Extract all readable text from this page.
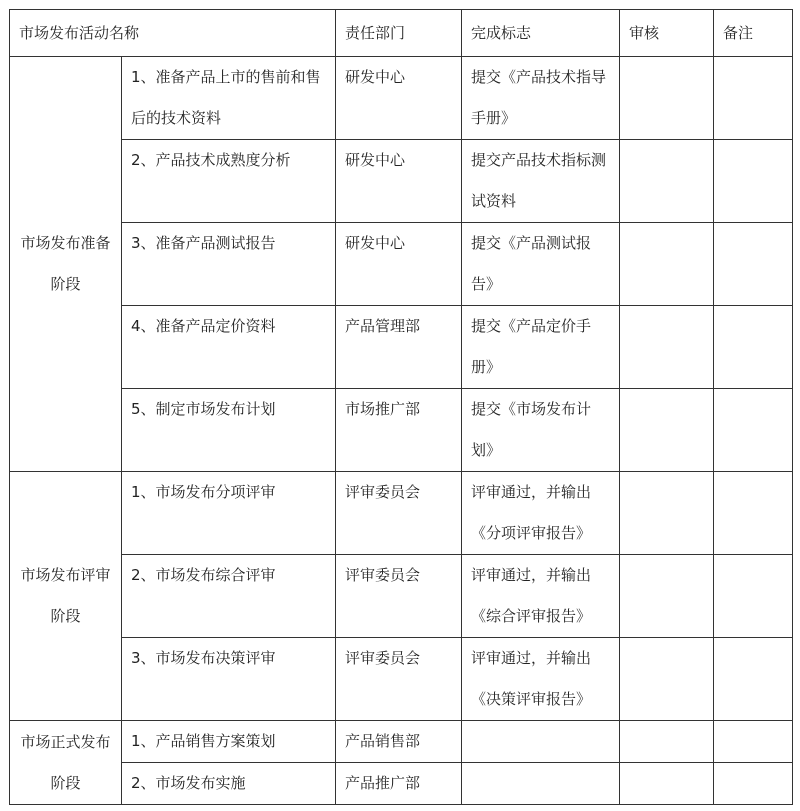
市场发布活动名称		责任部门	完成标志	审核	备注
市场发布准备阶段	1、准备产品上市的售前和售后的技术资料	研发中心	提交《产品技术指导手册》		
	2、产品技术成熟度分析	研发中心	提交产品技术指标测试资料		
	3、准备产品测试报告	研发中心	提交《产品测试报告》		
	4、准备产品定价资料	产品管理部	提交《产品定价手册》		
	5、制定市场发布计划	市场推广部	提交《市场发布计划》		
市场发布评审阶段	1、市场发布分项评审	评审委员会	评审通过，并输出《分项评审报告》		
	2、市场发布综合评审	评审委员会	评审通过，并输出《综合评审报告》		
	3、市场发布决策评审	评审委员会	评审通过，并输出《决策评审报告》		
市场正式发布阶段	1、产品销售方案策划	产品销售部			
	2、市场发布实施	产品推广部			
